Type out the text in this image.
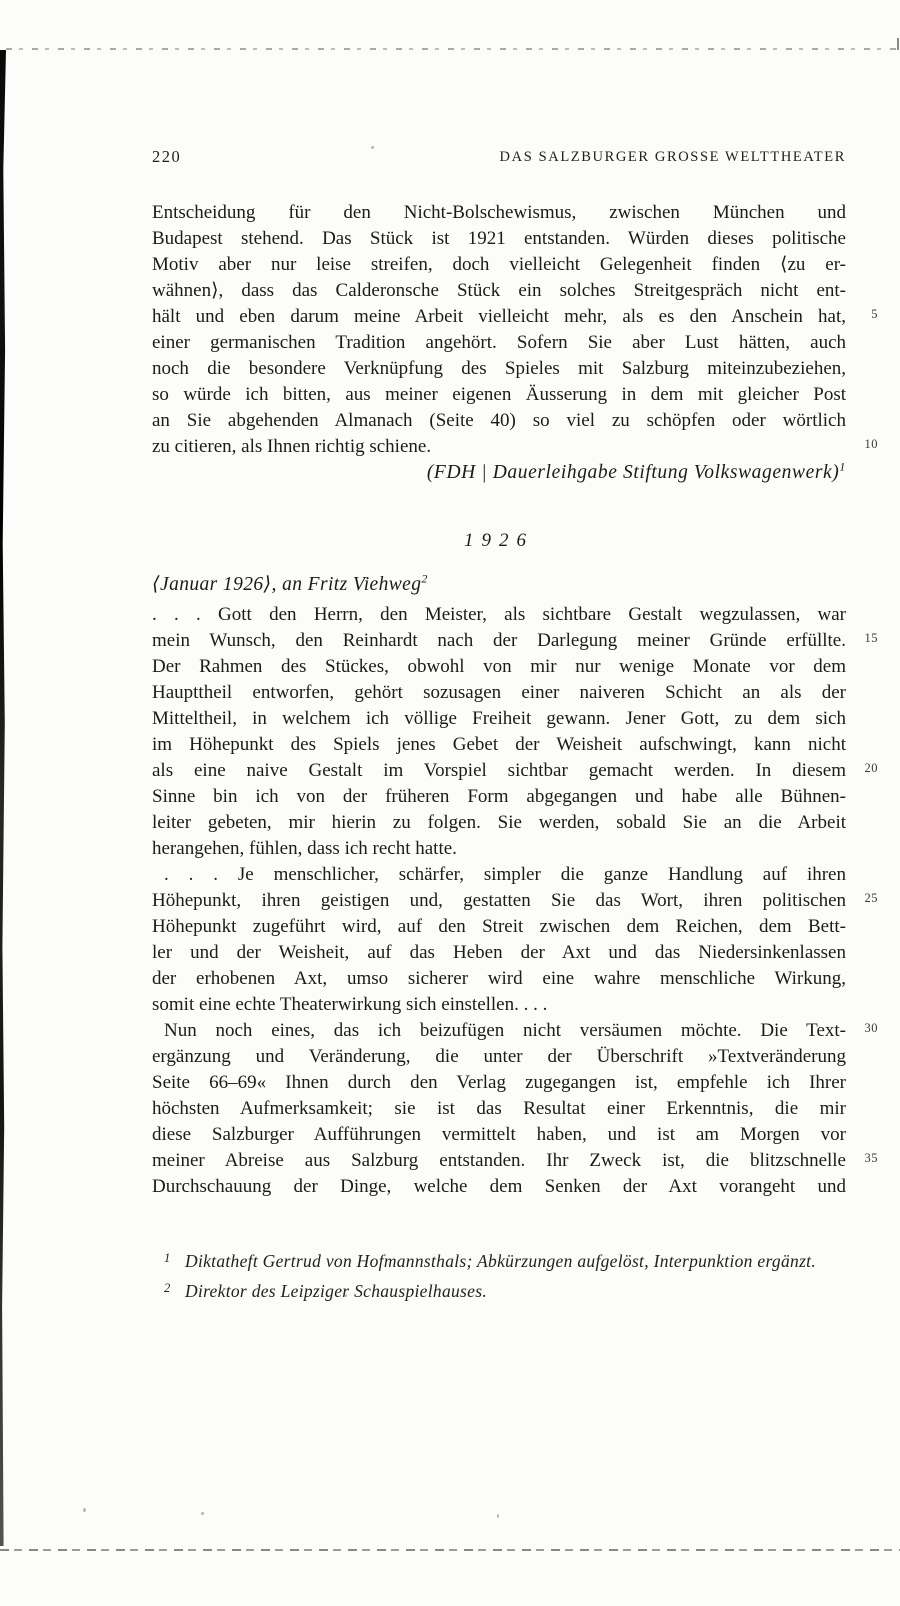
220	DAS SALZBURGER GROSSE WELTTHEATER
Entscheidung für den Nicht-Bolschewismus, zwischen München und
Budapest stehend. Das Stück ist 1921 entstanden. Würden dieses politische
Motiv aber nur leise streifen, doch vielleicht Gelegenheit finden ⟨zu er-
wähnen⟩, dass das Calderonsche Stück ein solches Streitgespräch nicht ent-
hält und eben darum meine Arbeit vielleicht mehr, als es den Anschein hat, 5
einer germanischen Tradition angehört. Sofern Sie aber Lust hätten, auch
noch die besondere Verknüpfung des Spieles mit Salzburg miteinzubeziehen,
so würde ich bitten, aus meiner eigenen Äusserung in dem mit gleicher Post
an Sie abgehenden Almanach (Seite 40) so viel zu schöpfen oder wörtlich
zu citieren, als Ihnen richtig schiene.	10
(FDH | Dauerleihgabe Stiftung Volkswagenwerk)$^1$
1926
⟨Januar 1926⟩, an Fritz Viehweg$^2$
. . . Gott den Herrn, den Meister, als sichtbare Gestalt wegzulassen, war
mein Wunsch, den Reinhardt nach der Darlegung meiner Gründe erfüllte. 15
Der Rahmen des Stückes, obwohl von mir nur wenige Monate vor dem
Haupttheil entworfen, gehört sozusagen einer naiveren Schicht an als der
Mitteltheil, in welchem ich völlige Freiheit gewann. Jener Gott, zu dem sich
im Höhepunkt des Spiels jenes Gebet der Weisheit aufschwingt, kann nicht
als eine naive Gestalt im Vorspiel sichtbar gemacht werden. In diesem 20
Sinne bin ich von der früheren Form abgegangen und habe alle Bühnen-
leiter gebeten, mir hierin zu folgen. Sie werden, sobald Sie an die Arbeit
herangehen, fühlen, dass ich recht hatte.
. . . Je menschlicher, schärfer, simpler die ganze Handlung auf ihren
Höhepunkt, ihren geistigen und, gestatten Sie das Wort, ihren politischen 25
Höhepunkt zugeführt wird, auf den Streit zwischen dem Reichen, dem Bett-
ler und der Weisheit, auf das Heben der Axt und das Niedersinkenlassen
der erhobenen Axt, umso sicherer wird eine wahre menschliche Wirkung,
somit eine echte Theaterwirkung sich einstellen. . . .
Nun noch eines, das ich beizufügen nicht versäumen möchte. Die Text- 30
ergänzung und Veränderung, die unter der Überschrift »Textveränderung
Seite 66–69« Ihnen durch den Verlag zugegangen ist, empfehle ich Ihrer
höchsten Aufmerksamkeit; sie ist das Resultat einer Erkenntnis, die mir
diese Salzburger Aufführungen vermittelt haben, und ist am Morgen vor
meiner Abreise aus Salzburg entstanden. Ihr Zweck ist, die blitzschnelle 35
Durchschauung der Dinge, welche dem Senken der Axt vorangeht und
1 Diktatheft Gertrud von Hofmannsthals; Abkürzungen aufgelöst, Interpunktion ergänzt.
2 Direktor des Leipziger Schauspielhauses.
